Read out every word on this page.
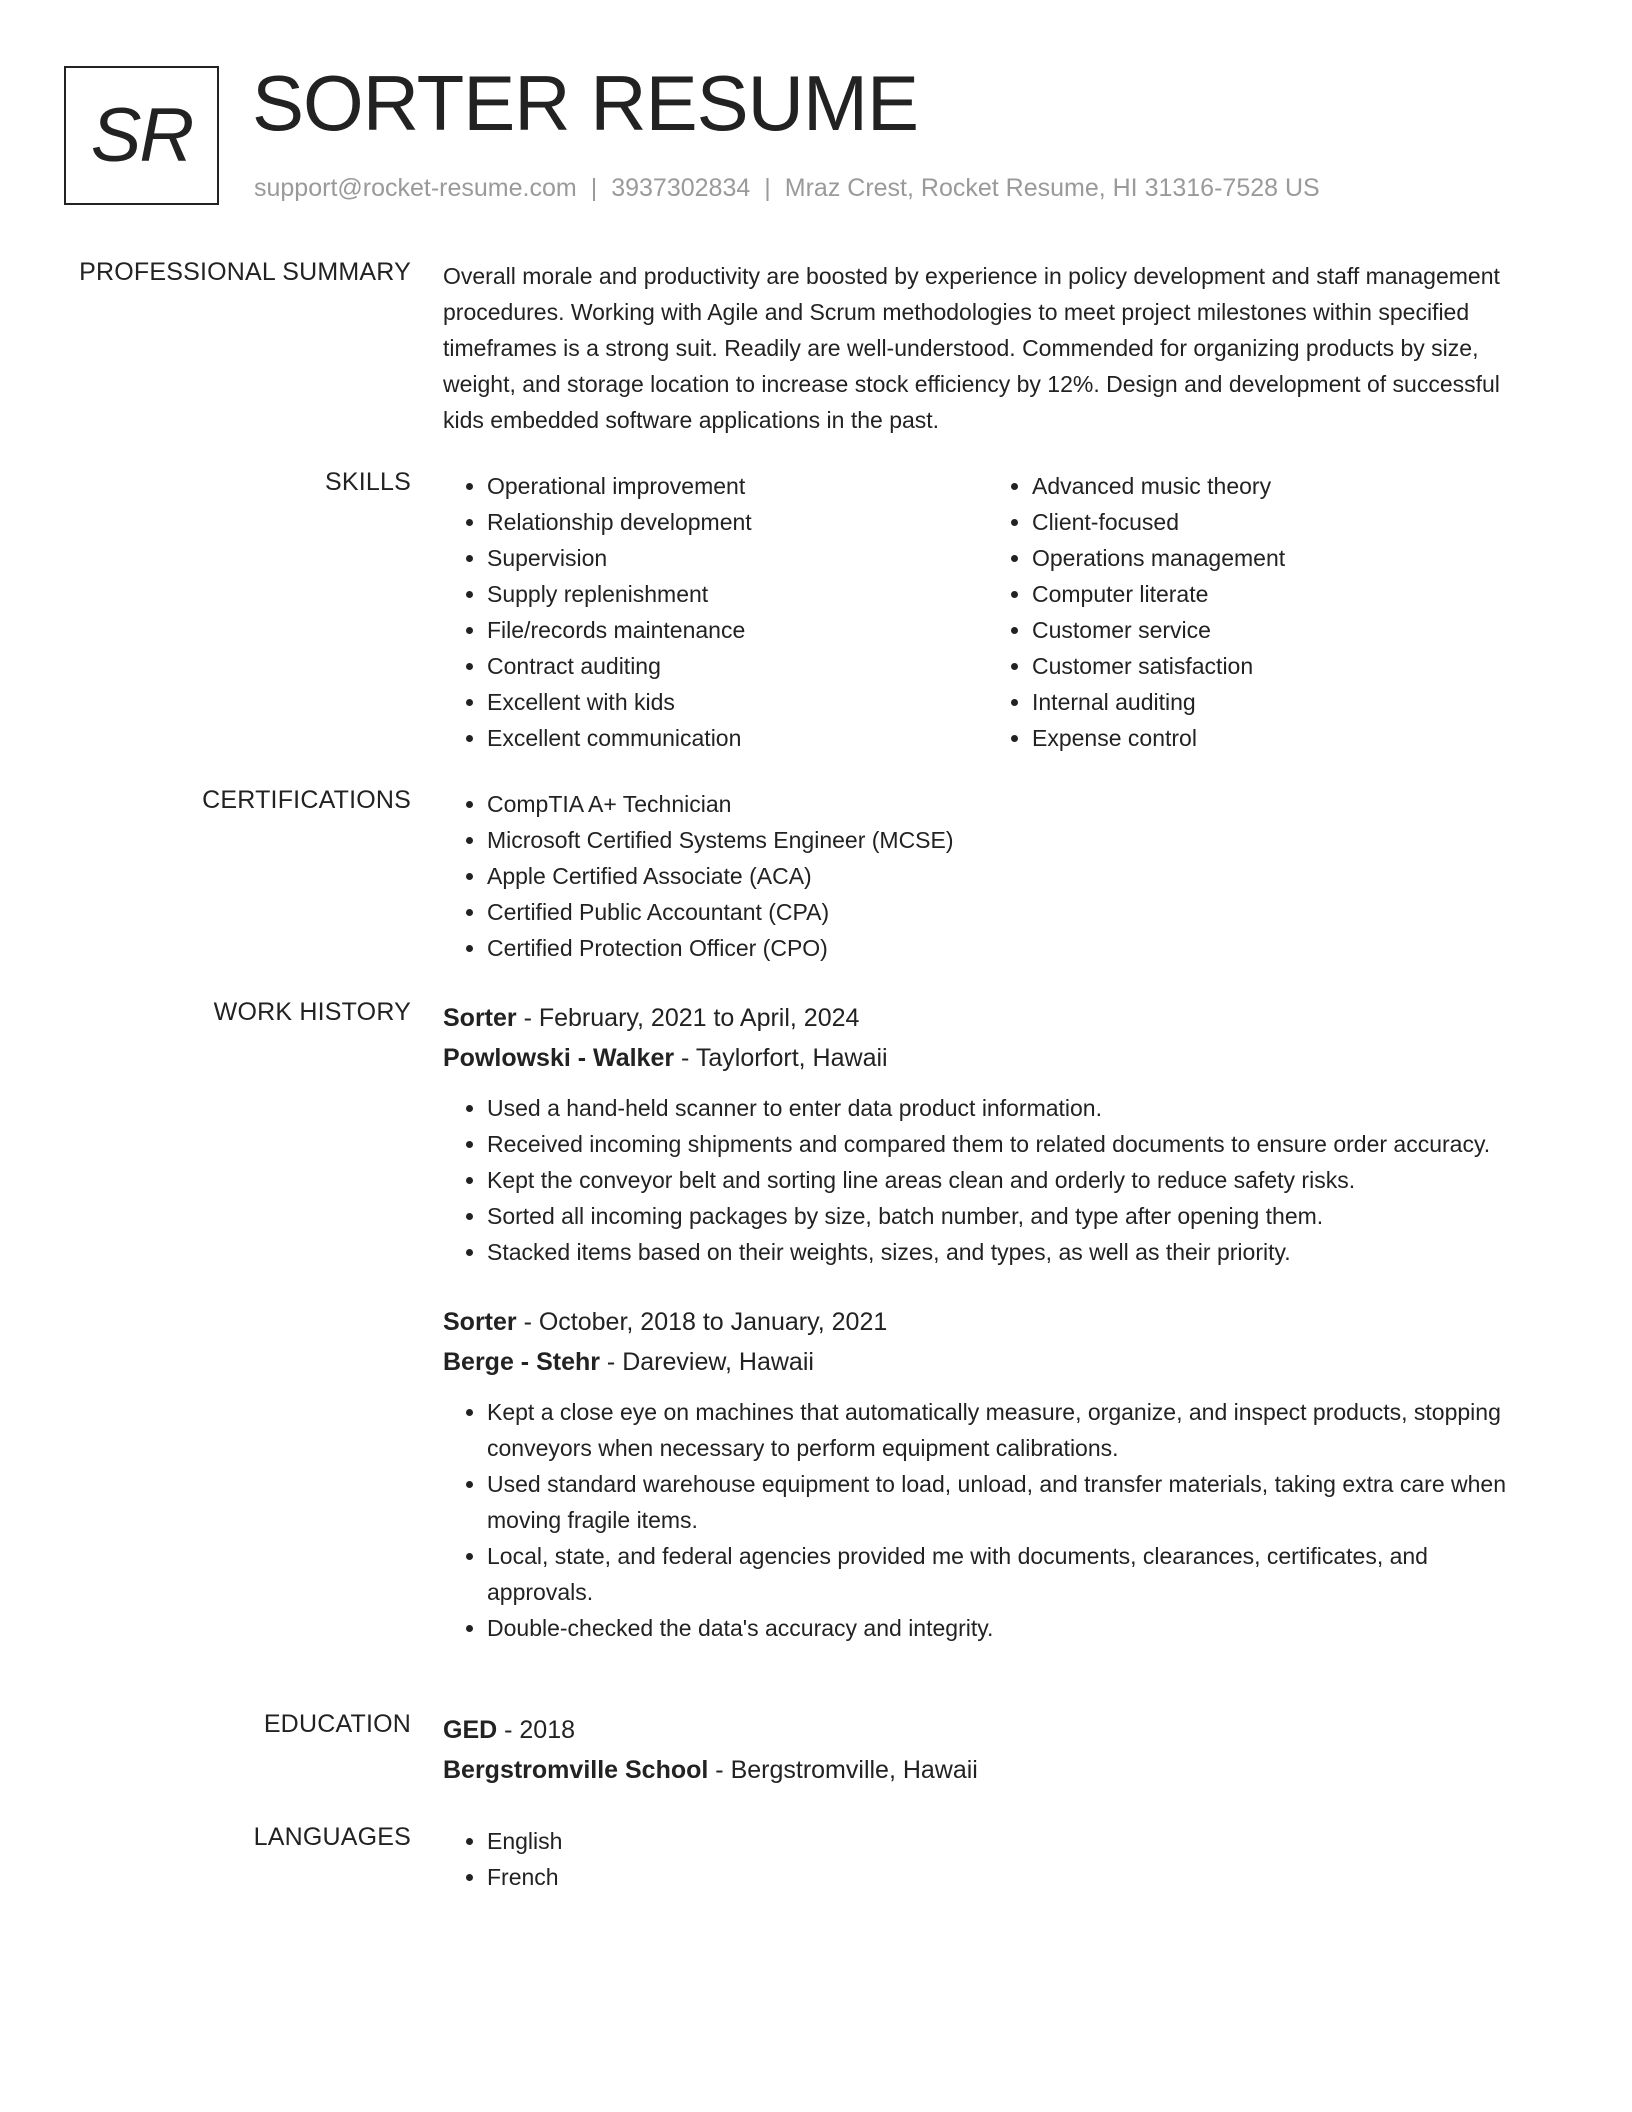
SR SORTER RESUME
support@rocket-resume.com | 3937302834 | Mraz Crest, Rocket Resume, HI 31316-7528 US
PROFESSIONAL SUMMARY Overall morale and productivity are boosted by experience in policy development and staff management procedures. Working with Agile and Scrum methodologies to meet project milestones within specified timeframes is a strong suit. Readily are well-understood. Commended for organizing products by size, weight, and storage location to increase stock efficiency by 12%. Design and development of successful kids embedded software applications in the past.

SKILLS	• Operational improvement
• Relationship development
• Supervision
• Supply replenishment
• File/records maintenance
• Contract auditing
• Excellent with kids
• Excellent communication
• Advanced music theory
• Client-focused
• Operations management
• Computer literate
• Customer service
• Customer satisfaction
• Internal auditing
• Expense control
CERTIFICATIONS	• CompTIA A+ Technician
• Microsoft Certified Systems Engineer (MCSE)
• Apple Certified Associate (ACA)
• Certified Public Accountant (CPA)
• Certified Protection Officer (CPO)
WORK HISTORY Sorter - February, 2021 to April, 2024
Powlowski - Walker - Taylorfort, Hawaii
• Used a hand-held scanner to enter data product information.
• Received incoming shipments and compared them to related documents to ensure order accuracy.
• Kept the conveyor belt and sorting line areas clean and orderly to reduce safety risks.
• Sorted all incoming packages by size, batch number, and type after opening them.
• Stacked items based on their weights, sizes, and types, as well as their priority.
Sorter - October, 2018 to January, 2021
Berge - Stehr - Dareview, Hawaii
• Kept a close eye on machines that automatically measure, organize, and inspect products, stopping conveyors when necessary to perform equipment calibrations.
• Used standard warehouse equipment to load, unload, and transfer materials, taking extra care when moving fragile items.
• Local, state, and federal agencies provided me with documents, clearances, certificates, and approvals.
• Double-checked the data's accuracy and integrity.
EDUCATION GED - 2018
Bergstromville School - Bergstromville, Hawaii
LANGUAGES	• English
• French
